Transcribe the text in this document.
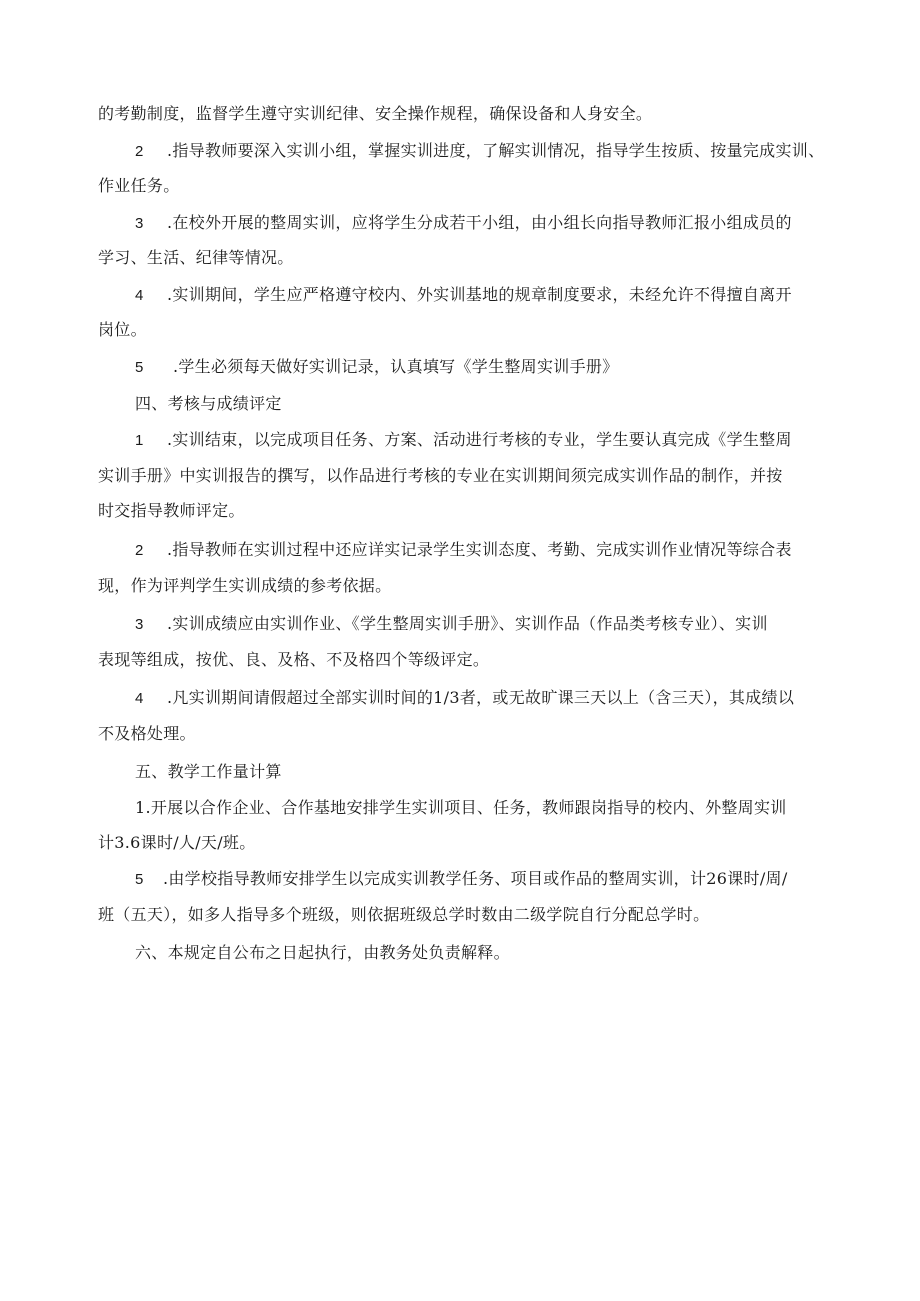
的考勤制度，监督学生遵守实训纪律、安全操作规程，确保设备和人身安全。
2 .指导教师要深入实训小组，掌握实训进度，了解实训情况，指导学生按质、按量完成实训、
作业任务。
3 .在校外开展的整周实训，应将学生分成若干小组，由小组长向指导教师汇报小组成员的
学习、生活、纪律等情况。
4 .实训期间，学生应严格遵守校内、外实训基地的规章制度要求，未经允许不得擅自离开
岗位。
5 .学生必须每天做好实训记录，认真填写《学生整周实训手册》
四、考核与成绩评定
1 .实训结束，以完成项目任务、方案、活动进行考核的专业，学生要认真完成《学生整周
实训手册》中实训报告的撰写，以作品进行考核的专业在实训期间须完成实训作品的制作，并按
时交指导教师评定。
2 .指导教师在实训过程中还应详实记录学生实训态度、考勤、完成实训作业情况等综合表
现，作为评判学生实训成绩的参考依据。
3 .实训成绩应由实训作业、《学生整周实训手册》、实训作品（作品类考核专业）、实训
表现等组成，按优、良、及格、不及格四个等级评定。
4 .凡实训期间请假超过全部实训时间的1/3者，或无故旷课三天以上（含三天），其成绩以
不及格处理。
五、教学工作量计算
1.开展以合作企业、合作基地安排学生实训项目、任务，教师跟岗指导的校内、外整周实训
计3.6课时/人/天/班。
5 .由学校指导教师安排学生以完成实训教学任务、项目或作品的整周实训，计26课时/周/
班（五天），如多人指导多个班级，则依据班级总学时数由二级学院自行分配总学时。
六、本规定自公布之日起执行，由教务处负责解释。
